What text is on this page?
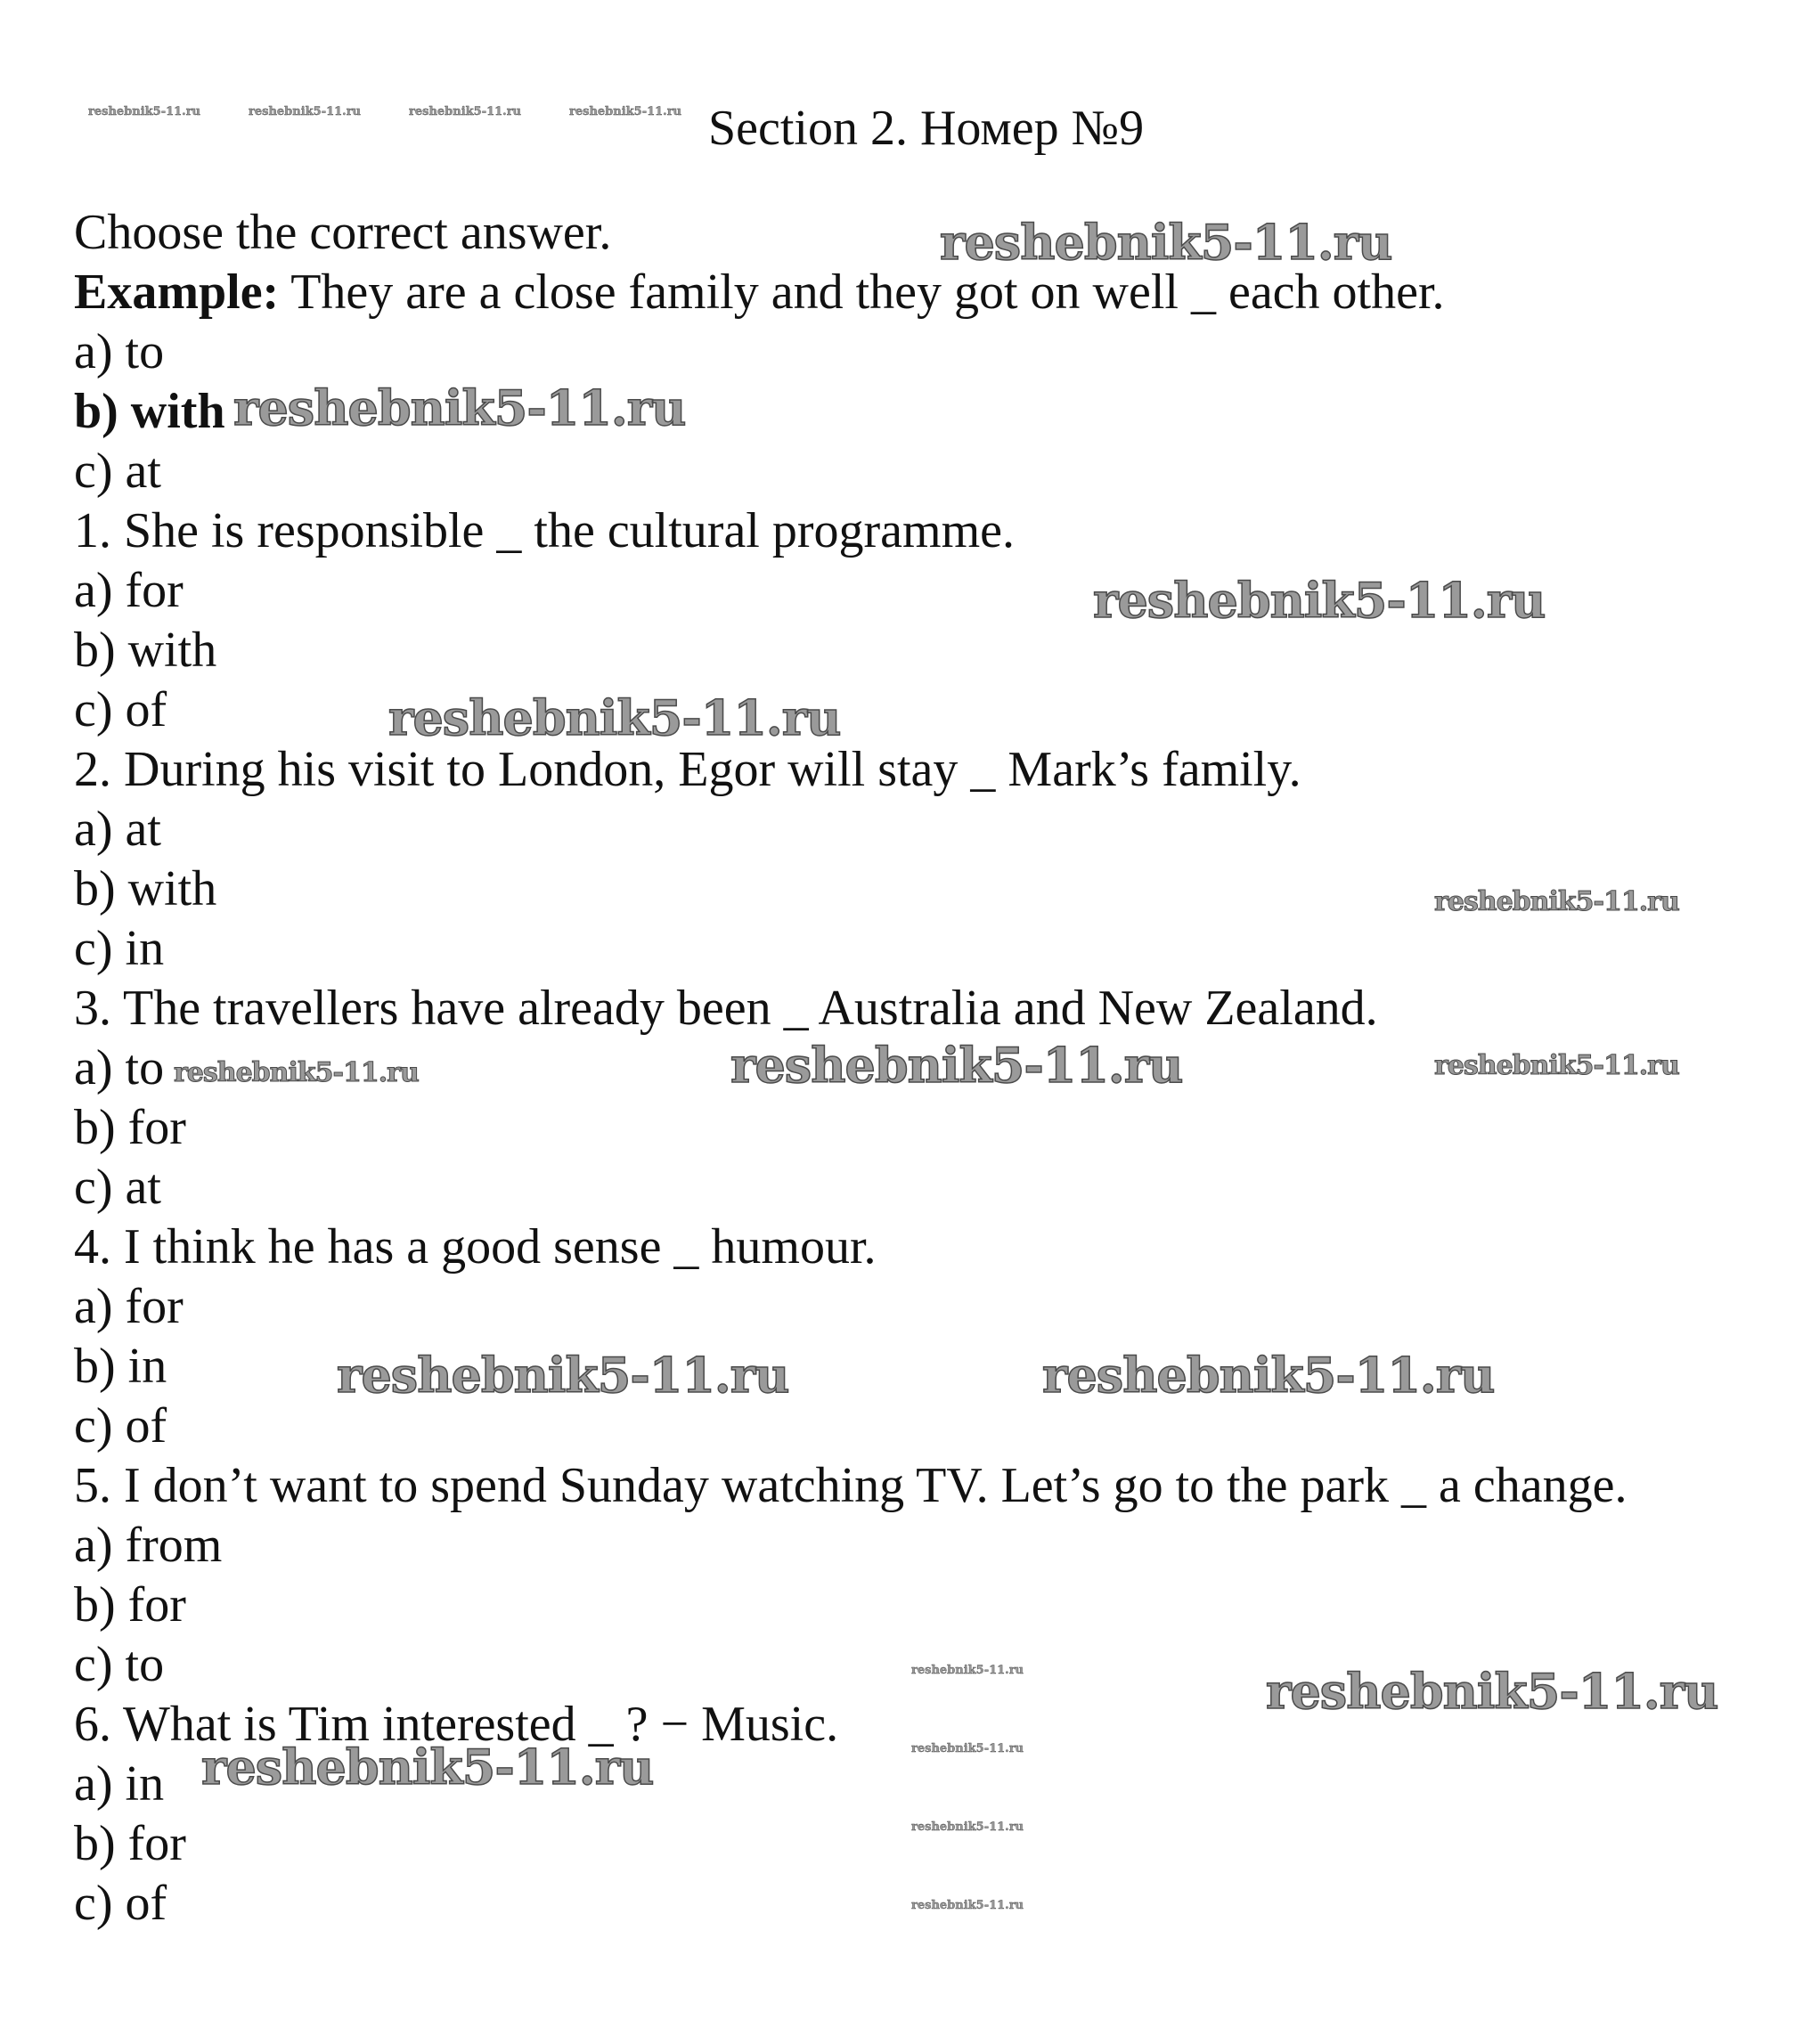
Section 2. Номер №9
Choose the correct answer.
Example: They are a close family and they got on well _ each other.
a) to
b) with
c) at
1. She is responsible _ the cultural programme.
a) for
b) with
c) of
2. During his visit to London, Egor will stay _ Mark’s family.
a) at
b) with
c) in
3. The travellers have already been _ Australia and New Zealand.
a) to
b) for
c) at
4. I think he has a good sense _ humour.
a) for
b) in
c) of
5. I don’t want to spend Sunday watching TV. Let’s go to the park _ a change.
a) from
b) for
c) to
6. What is Tim interested _ ? − Music.
a) in
b) for
c) of
reshebnik5-11.ru	reshebnik5-11.ru	reshebnik5-11.ru	reshebnik5-11.ru
reshebnik5-11.ru
reshebnik5-11.ru
reshebnik5-11.ru
reshebnik5-11.ru
reshebnik5-11.ru
reshebnik5-11.ru	reshebnik5-11.ru
reshebnik5-11.ru
reshebnik5-11.ru
reshebnik5-11.ru
reshebnik5-11.ru	reshebnik5-11.ru
reshebnik5-11.ru
reshebnik5-11.ru
reshebnik5-11.ru
reshebnik5-11.ru
